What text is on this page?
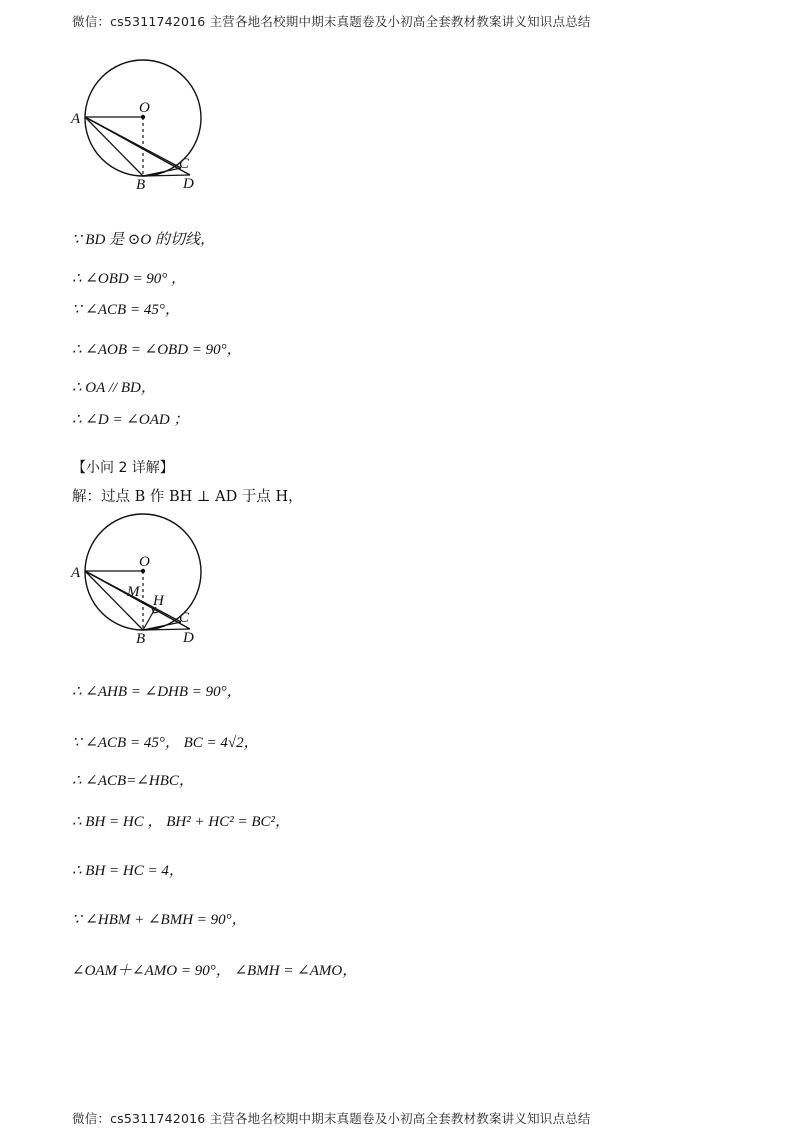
微信：cs5311742016 主营各地名校期中期末真题卷及小初高全套教材教案讲义知识点总结
A
O
B
C
D
∵ BD 是 ⊙O 的切线，
∴ ∠OBD = 90° ，
∵ ∠ACB = 45°，
∴ ∠AOB = ∠OBD = 90°，
∴ OA // BD，
∴ ∠D = ∠OAD ；
【小问 2 详解】
解：过点 B 作 BH ⊥ AD 于点 H，
A
O
M
H
B
C
D
∴ ∠AHB = ∠DHB = 90°，
∵ ∠ACB = 45°， BC = 4√2，
∴ ∠ACB=∠HBC，
∴ BH = HC ， BH² + HC² = BC²，
∴ BH = HC = 4，
∵ ∠HBM + ∠BMH = 90°，
∠OAM＋∠AMO = 90°， ∠BMH = ∠AMO，
微信：cs5311742016 主营各地名校期中期末真题卷及小初高全套教材教案讲义知识点总结
